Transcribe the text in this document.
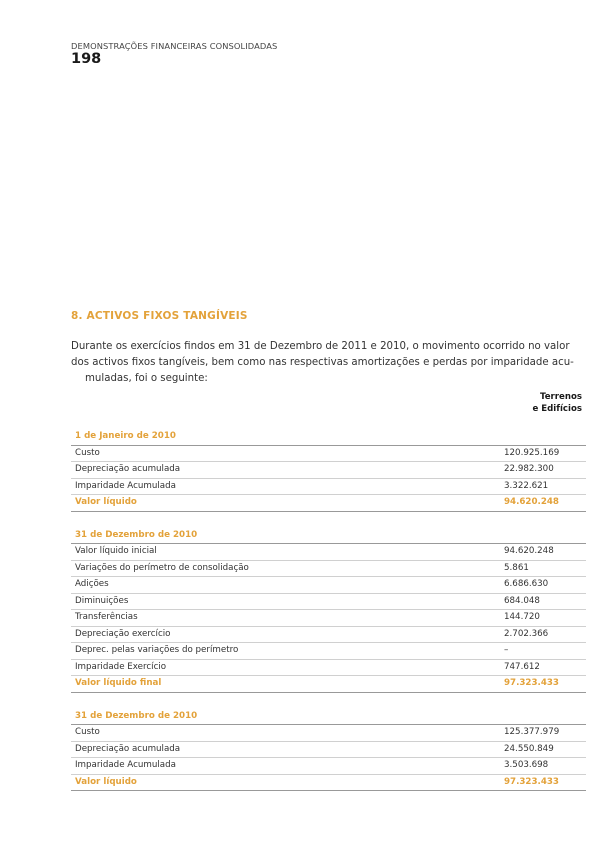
DEMONSTRAÇÕES FINANCEIRAS CONSOLIDADAS
198
8. ACTIVOS FIXOS TANGÍVEIS
Durante os exercícios findos em 31 de Dezembro de 2011 e 2010, o movimento ocorrido no valor
dos activos fixos tangíveis, bem como nas respectivas amortizações e perdas por imparidade acu-
muladas, foi o seguinte:
Terrenos
e Edifícios
1 de Janeiro de 2010	
Custo	120.925.169
Depreciação acumulada	22.982.300
Imparidade Acumulada	3.322.621
Valor líquido	94.620.248

31 de Dezembro de 2010	
Valor líquido inicial	94.620.248
Variações do perímetro de consolidação	5.861
Adições	6.686.630
Diminuições	684.048
Transferências	144.720
Depreciação exercício	2.702.366
Deprec. pelas variações do perímetro	–
Imparidade Exercício	747.612
Valor líquido final	97.323.433

31 de Dezembro de 2010	
Custo	125.377.979
Depreciação acumulada	24.550.849
Imparidade Acumulada	3.503.698
Valor líquido	97.323.433
